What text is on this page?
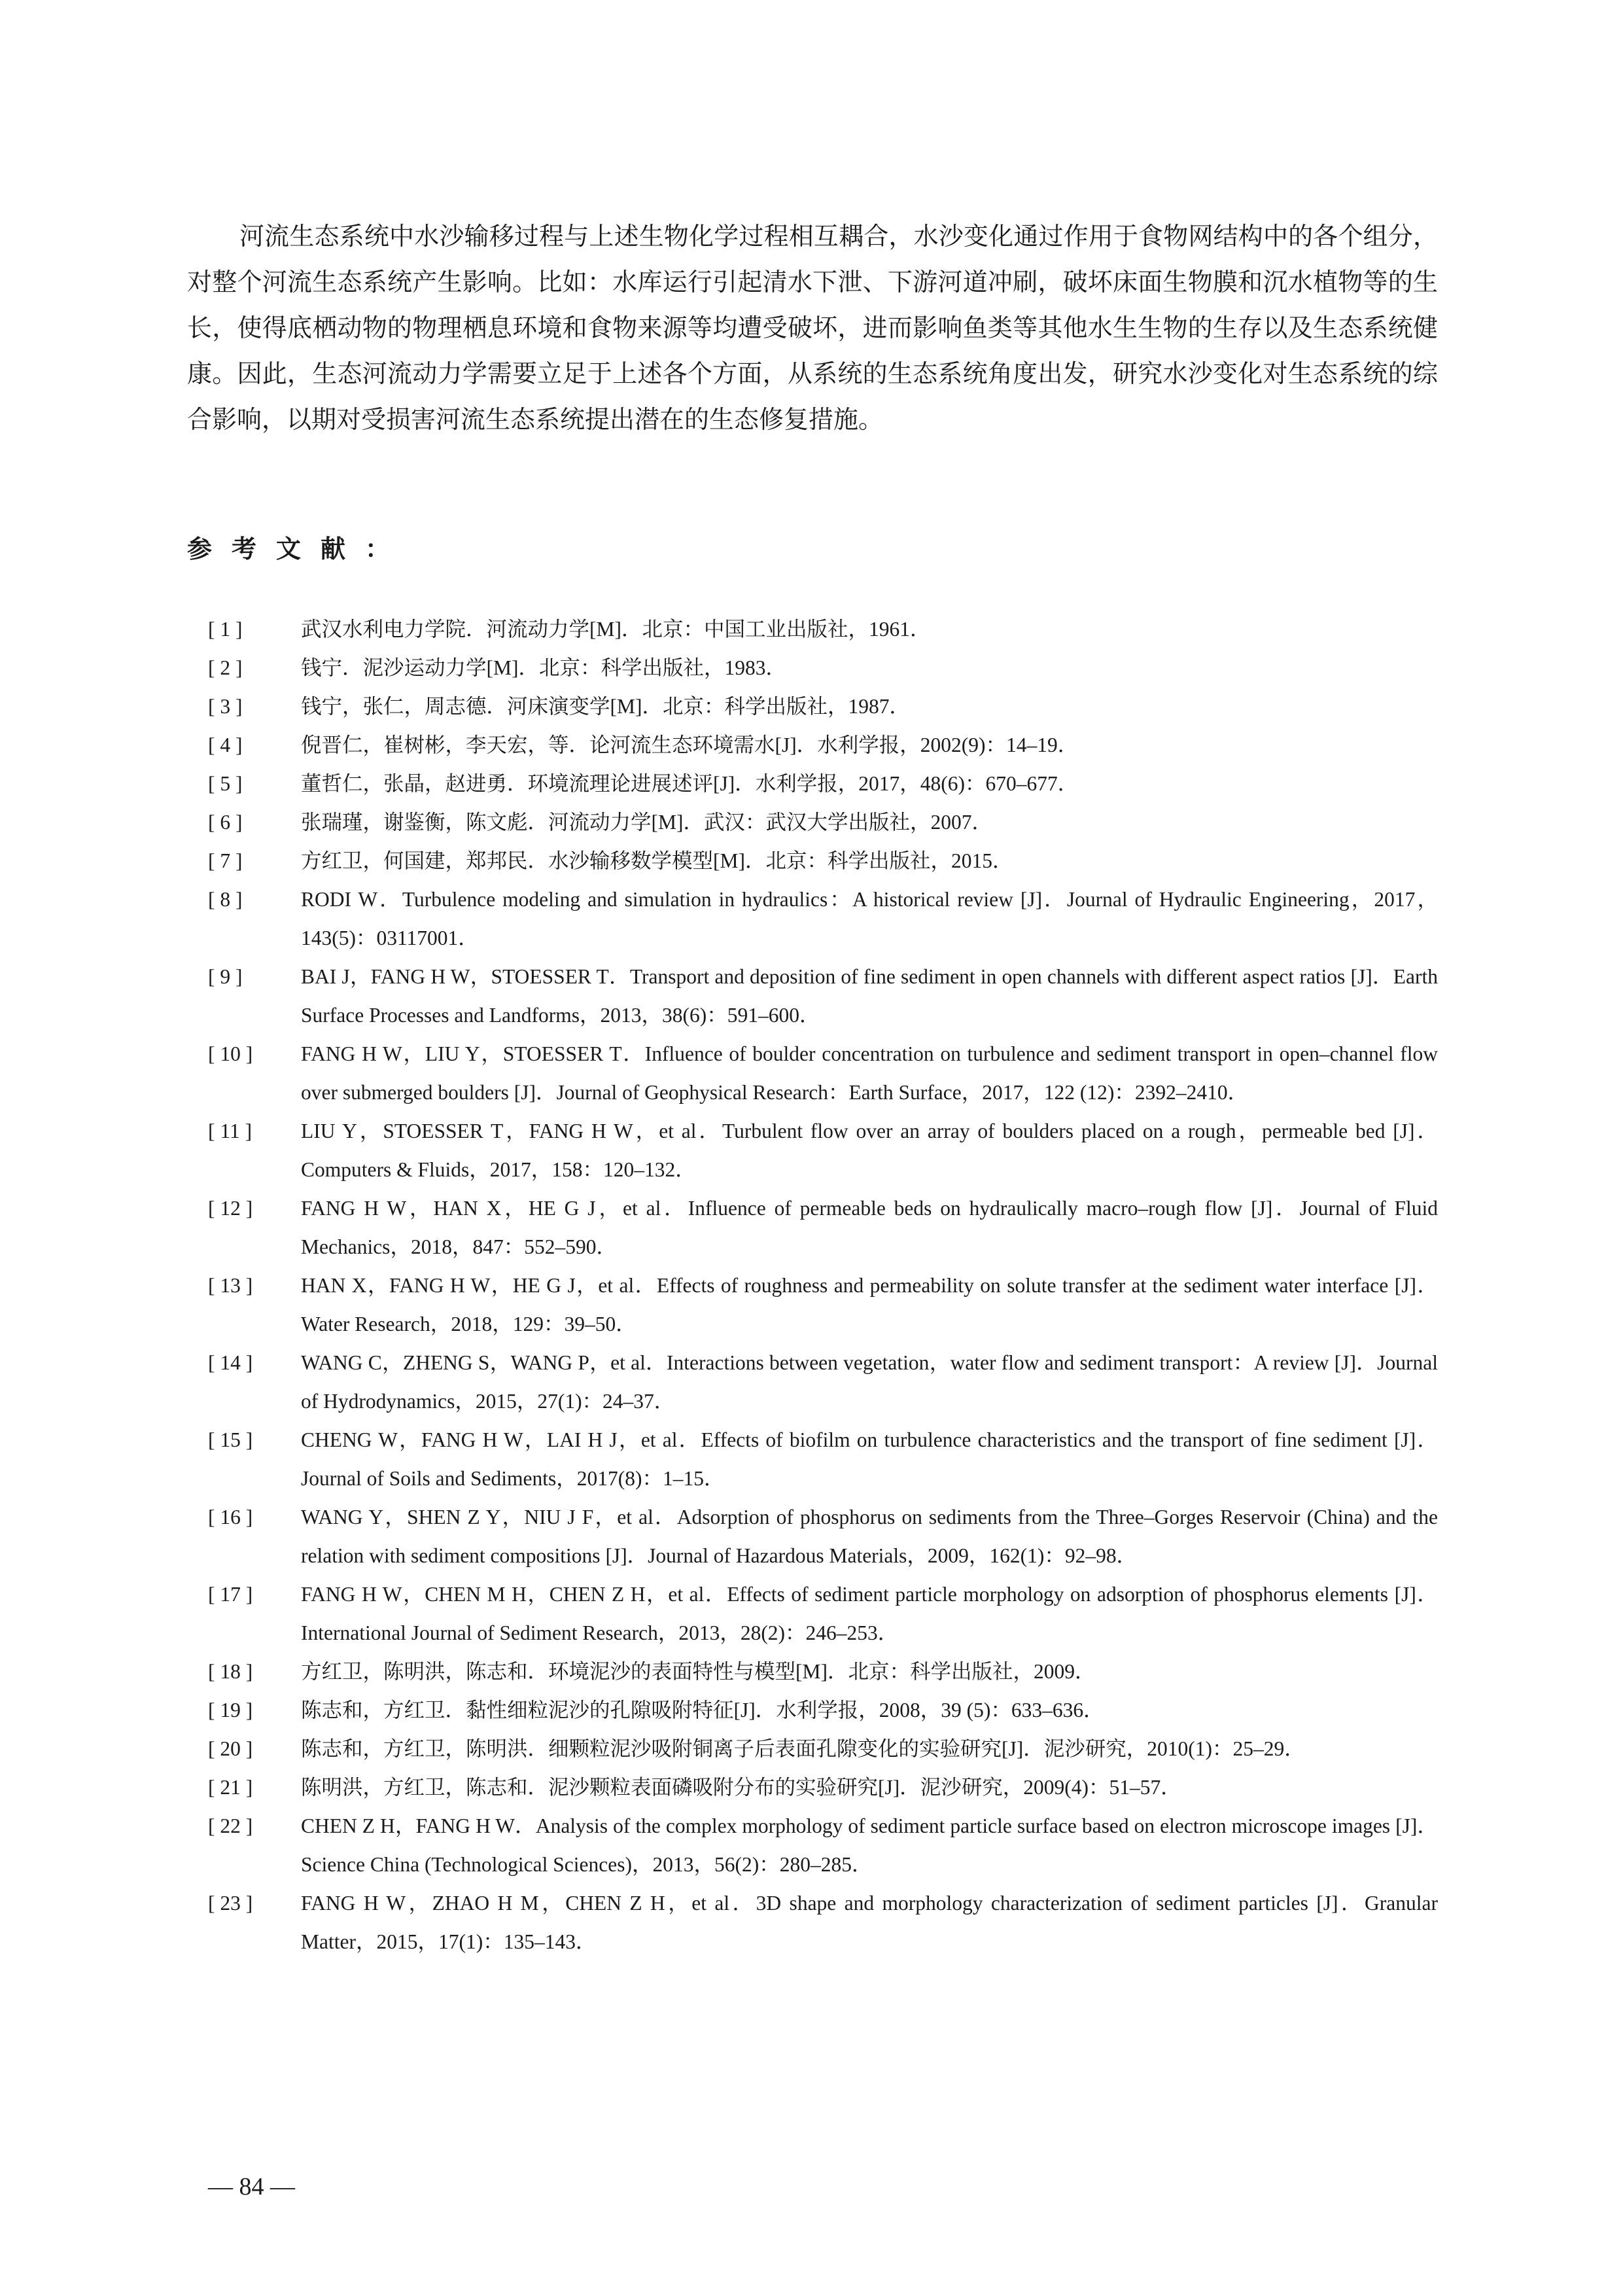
河流生态系统中水沙输移过程与上述生物化学过程相互耦合，水沙变化通过作用于食物网结构中的各个组分，对整个河流生态系统产生影响。比如：水库运行引起清水下泄、下游河道冲刷，破坏床面生物膜和沉水植物等的生长，使得底栖动物的物理栖息环境和食物来源等均遭受破坏，进而影响鱼类等其他水生生物的生存以及生态系统健康。因此，生态河流动力学需要立足于上述各个方面，从系统的生态系统角度出发，研究水沙变化对生态系统的综合影响，以期对受损害河流生态系统提出潜在的生态修复措施。

参考文献：
[ 1 ]	武汉水利电力学院．河流动力学[M]．北京：中国工业出版社，1961．
[ 2 ]	钱宁．泥沙运动力学[M]．北京：科学出版社，1983．
[ 3 ]	钱宁，张仁，周志德．河床演变学[M]．北京：科学出版社，1987．
[ 4 ]	倪晋仁，崔树彬，李天宏，等．论河流生态环境需水[J]．水利学报，2002(9)：14–19．
[ 5 ]	董哲仁，张晶，赵进勇．环境流理论进展述评[J]．水利学报，2017，48(6)：670–677．
[ 6 ]	张瑞瑾，谢鉴衡，陈文彪．河流动力学[M]．武汉：武汉大学出版社，2007．
[ 7 ]	方红卫，何国建，郑邦民．水沙输移数学模型[M]．北京：科学出版社，2015．
[ 8 ]	RODI W．Turbulence modeling and simulation in hydraulics：A historical review [J]．Journal of Hydraulic Engineering，2017，143(5)：03117001．
[ 9 ]	BAI J，FANG H W，STOESSER T．Transport and deposition of fine sediment in open channels with different aspect ratios [J]．Earth Surface Processes and Landforms，2013，38(6)：591–600．
[ 10 ]	FANG H W，LIU Y，STOESSER T．Influence of boulder concentration on turbulence and sediment transport in open–channel flow over submerged boulders [J]．Journal of Geophysical Research：Earth Surface，2017，122 (12)：2392–2410．
[ 11 ]	LIU Y，STOESSER T，FANG H W，et al．Turbulent flow over an array of boulders placed on a rough，permeable bed [J]．Computers & Fluids，2017，158：120–132．
[ 12 ]	FANG H W，HAN X，HE G J，et al．Influence of permeable beds on hydraulically macro–rough flow [J]．Journal of Fluid Mechanics，2018，847：552–590．
[ 13 ]	HAN X，FANG H W，HE G J，et al．Effects of roughness and permeability on solute transfer at the sediment water interface [J]．Water Research，2018，129：39–50．
[ 14 ]	WANG C，ZHENG S，WANG P，et al．Interactions between vegetation，water flow and sediment transport：A review [J]．Journal of Hydrodynamics，2015，27(1)：24–37．
[ 15 ]	CHENG W，FANG H W，LAI H J，et al．Effects of biofilm on turbulence characteristics and the transport of fine sediment [J]．Journal of Soils and Sediments，2017(8)：1–15．
[ 16 ]	WANG Y，SHEN Z Y，NIU J F，et al．Adsorption of phosphorus on sediments from the Three–Gorges Reservoir (China) and the relation with sediment compositions [J]．Journal of Hazardous Materials，2009，162(1)：92–98．
[ 17 ]	FANG H W，CHEN M H，CHEN Z H，et al．Effects of sediment particle morphology on adsorption of phosphorus elements [J]．International Journal of Sediment Research，2013，28(2)：246–253．
[ 18 ]	方红卫，陈明洪，陈志和．环境泥沙的表面特性与模型[M]．北京：科学出版社，2009．
[ 19 ]	陈志和，方红卫．黏性细粒泥沙的孔隙吸附特征[J]．水利学报，2008，39 (5)：633–636．
[ 20 ]	陈志和，方红卫，陈明洪．细颗粒泥沙吸附铜离子后表面孔隙变化的实验研究[J]．泥沙研究，2010(1)：25–29．
[ 21 ]	陈明洪，方红卫，陈志和．泥沙颗粒表面磷吸附分布的实验研究[J]．泥沙研究，2009(4)：51–57．
[ 22 ]	CHEN Z H，FANG H W．Analysis of the complex morphology of sediment particle surface based on electron microscope images [J]．Science China (Technological Sciences)，2013，56(2)：280–285．
[ 23 ]	FANG H W，ZHAO H M，CHEN Z H，et al．3D shape and morphology characterization of sediment particles [J]．Granular Matter，2015，17(1)：135–143．

— 84 —
